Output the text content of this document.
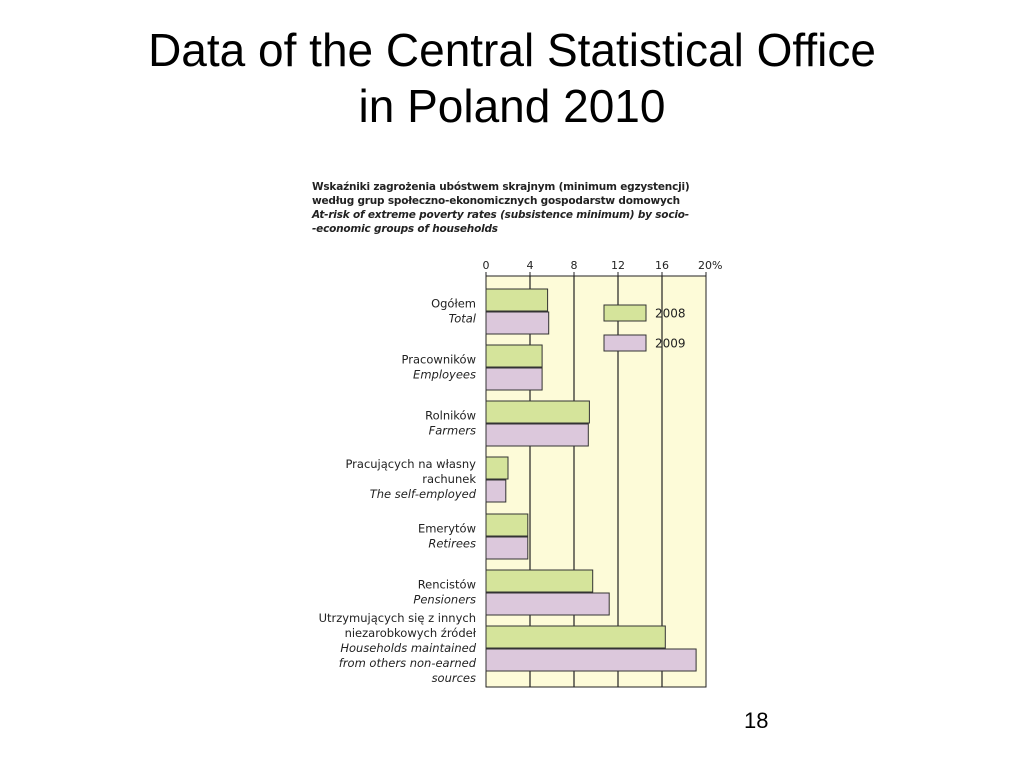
Data of the Central Statistical Office
in Poland 2010
Wskaźniki zagrożenia ubóstwem skrajnym (minimum egzystencji)
według grup społeczno-ekonomicznych gospodarstw domowych
At-risk of extreme poverty rates (subsistence minimum) by socio-
-economic groups of households
0	4	8	12	16	20%
Ogółem
Total
Pracowników
Employees
Rolników
Farmers
Pracujących na własny
rachunek
The self-employed
Emerytów
Retirees
Rencistów
Pensioners
Utrzymujących się z innych
niezarobkowych źródeł
Households maintained
from others non-earned
sources
2008
2009
18
